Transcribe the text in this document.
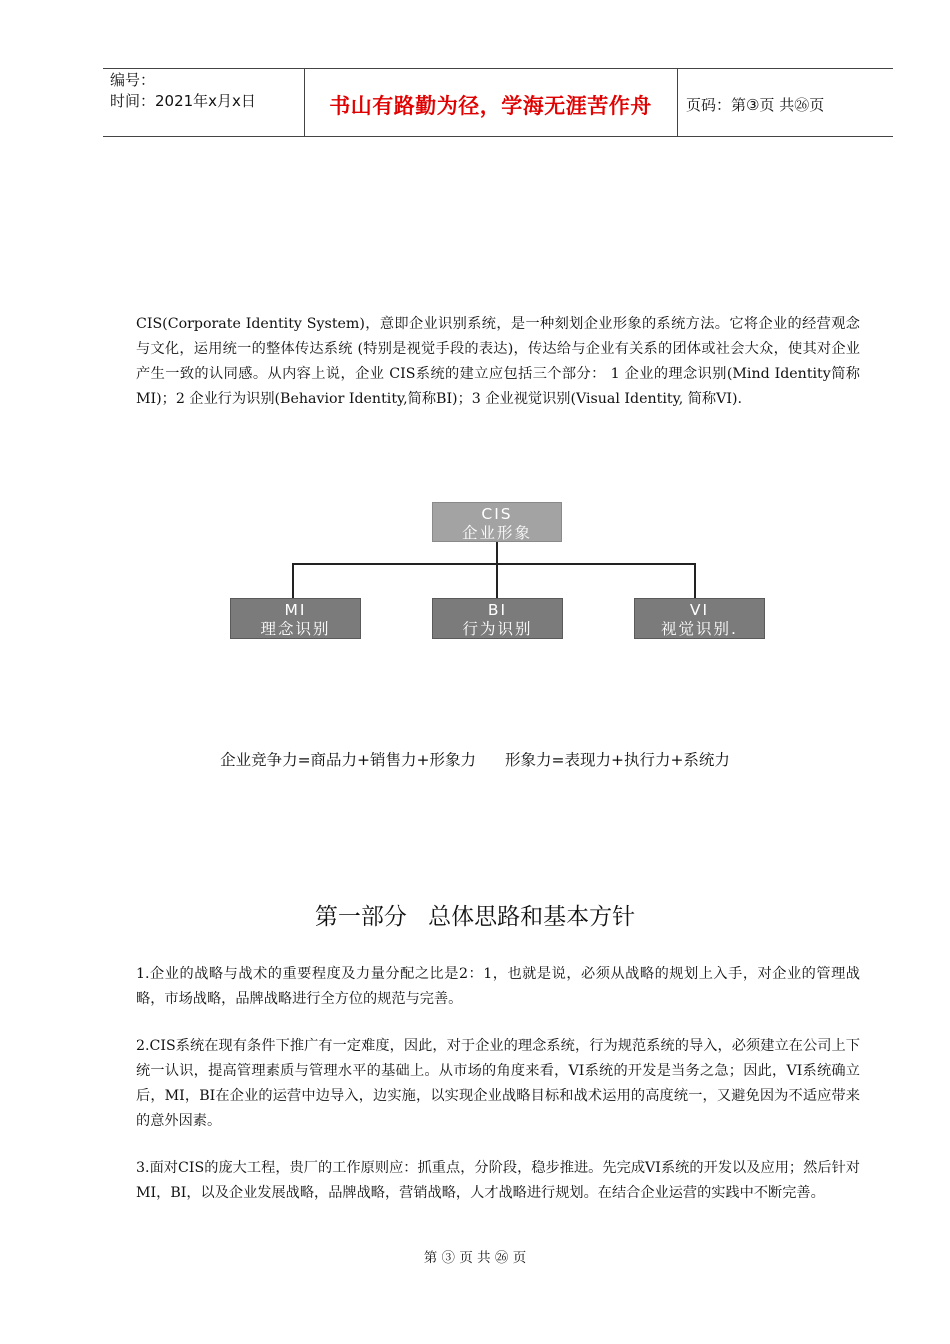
编号：
时间：2021年x月x日	书山有路勤为径，学海无涯苦作舟	页码：第③页 共㉖页
CIS(Corporate Identity System)，意即企业识别系统，是一种刻划企业形象的系统方法。它将企业的经营观念与文化，运用统一的整体传达系统 (特别是视觉手段的表达)，传达给与企业有关系的团体或社会大众，使其对企业产生一致的认同感。从内容上说，企业 CIS系统的建立应包括三个部分： 1 企业的理念识别(Mind Identity简称MI)；2 企业行为识别(Behavior Identity,简称BI)；3 企业视觉识别(Visual Identity, 简称VI).
CIS
企业形象
MI
理念识别
BI
行为识别
VI
视觉识别.
企业竞争力=商品力+销售力+形象力 形象力=表现力+执行力+系统力
第一部分 总体思路和基本方针
1.企业的战略与战术的重要程度及力量分配之比是2：1，也就是说，必须从战略的规划上入手，对企业的管理战略，市场战略，品牌战略进行全方位的规范与完善。
2.CIS系统在现有条件下推广有一定难度，因此，对于企业的理念系统，行为规范系统的导入，必须建立在公司上下统一认识，提高管理素质与管理水平的基础上。从市场的角度来看，VI系统的开发是当务之急；因此，VI系统确立后，MI，BI在企业的运营中边导入，边实施，以实现企业战略目标和战术运用的高度统一，又避免因为不适应带来的意外因素。
3.面对CIS的庞大工程，贵厂的工作原则应：抓重点，分阶段，稳步推进。先完成VI系统的开发以及应用；然后针对MI，BI，以及企业发展战略，品牌战略，营销战略，人才战略进行规划。在结合企业运营的实践中不断完善。
第 ③ 页 共 ㉖ 页
